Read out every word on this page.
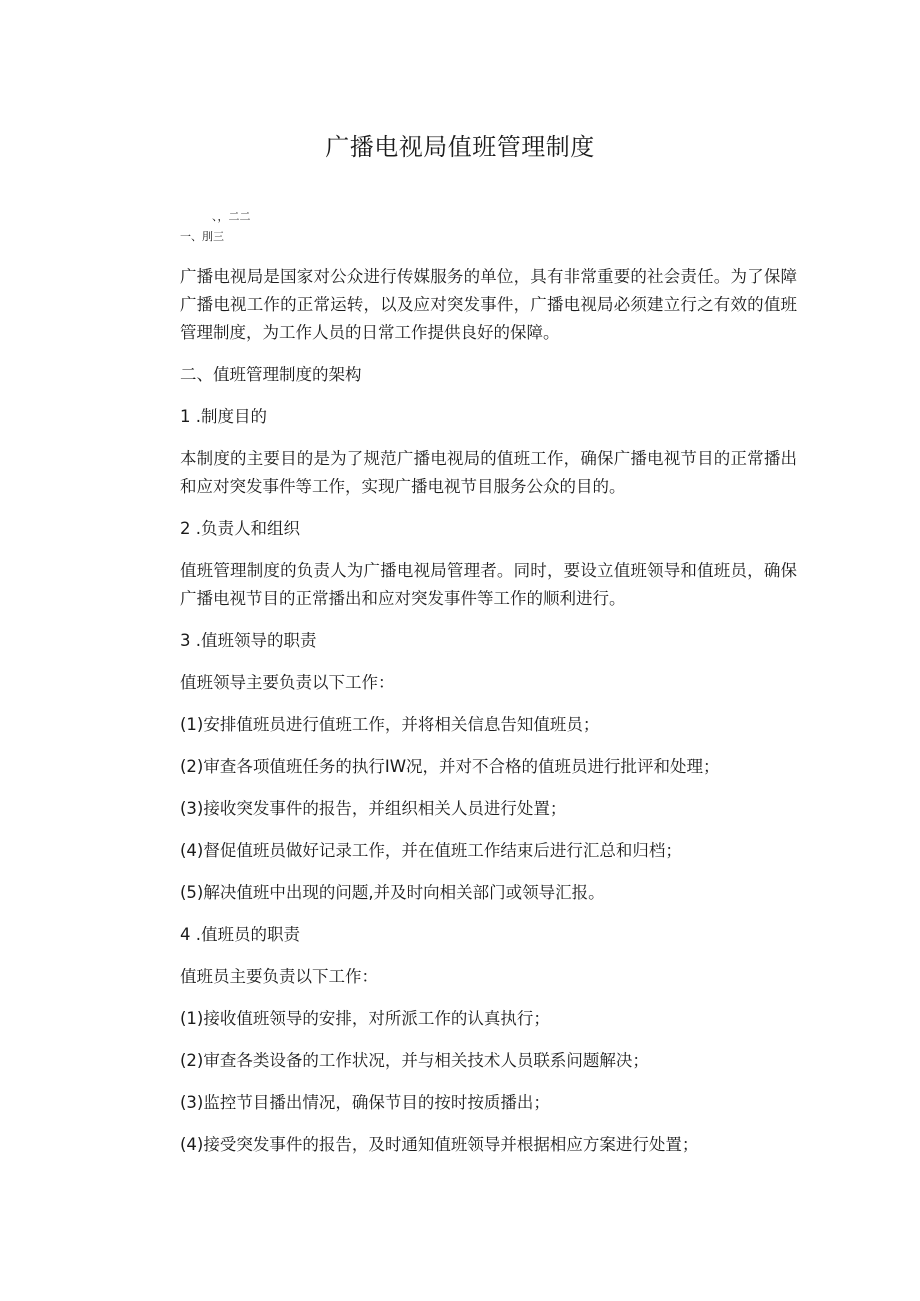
广播电视局值班管理制度
、，二二
一、刖三

广播电视局是国家对公众进行传媒服务的单位，具有非常重要的社会责任。为了保障广播电视工作的正常运转，以及应对突发事件，广播电视局必须建立行之有效的值班管理制度，为工作人员的日常工作提供良好的保障。

二、值班管理制度的架构

1 .制度目的

本制度的主要目的是为了规范广播电视局的值班工作，确保广播电视节目的正常播出和应对突发事件等工作，实现广播电视节目服务公众的目的。

2 .负责人和组织

值班管理制度的负责人为广播电视局管理者。同时，要设立值班领导和值班员，确保广播电视节目的正常播出和应对突发事件等工作的顺利进行。

3 .值班领导的职责

值班领导主要负责以下工作：

(1)安排值班员进行值班工作，并将相关信息告知值班员；

(2)审查各项值班任务的执行IW况，并对不合格的值班员进行批评和处理；

(3)接收突发事件的报告，并组织相关人员进行处置；

(4)督促值班员做好记录工作，并在值班工作结束后进行汇总和归档；

(5)解决值班中出现的问题,并及时向相关部门或领导汇报。

4 .值班员的职责

值班员主要负责以下工作：

(1)接收值班领导的安排，对所派工作的认真执行；

(2)审查各类设备的工作状况，并与相关技术人员联系问题解决；

(3)监控节目播出情况，确保节目的按时按质播出；

(4)接受突发事件的报告，及时通知值班领导并根据相应方案进行处置；
